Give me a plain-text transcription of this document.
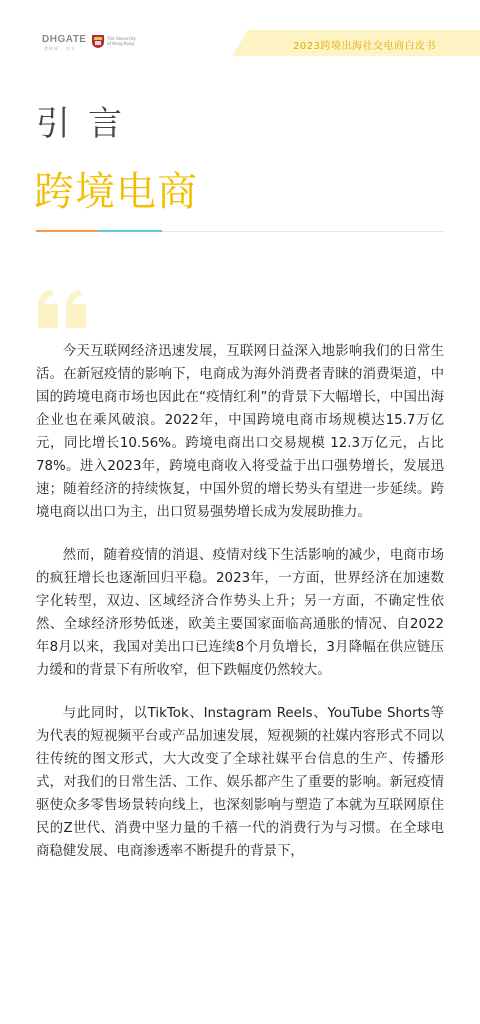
DHGATE
敦煌网 · 官方
The University of Hong Kong	2023跨境出海社交电商白皮书
引言
跨境电商

今天互联网经济迅速发展，互联网日益深入地影响我们的日常生活。在新冠疫情的影响下，电商成为海外消费者青睐的消费渠道，中国的跨境电商市场也因此在“疫情红利”的背景下大幅增长，中国出海企业也在乘风破浪。2022年，中国跨境电商市场规模达15.7万亿元，同比增长10.56%。跨境电商出口交易规模 12.3万亿元，占比78%。进入2023年，跨境电商收入将受益于出口强势增长，发展迅速；随着经济的持续恢复，中国外贸的增长势头有望进一步延续。跨境电商以出口为主，出口贸易强势增长成为发展助推力。

然而，随着疫情的消退、疫情对线下生活影响的减少，电商市场的疯狂增长也逐渐回归平稳。2023年，一方面，世界经济在加速数字化转型，双边、区域经济合作势头上升；另一方面，不确定性依然、全球经济形势低迷，欧美主要国家面临高通胀的情况、自2022年8月以来，我国对美出口已连续8个月负增长，3月降幅在供应链压力缓和的背景下有所收窄，但下跌幅度仍然较大。

与此同时，以TikTok、Instagram Reels、YouTube Shorts等为代表的短视频平台或产品加速发展，短视频的社媒内容形式不同以往传统的图文形式，大大改变了全球社媒平台信息的生产、传播形式，对我们的日常生活、工作、娱乐都产生了重要的影响。新冠疫情驱使众多零售场景转向线上，也深刻影响与塑造了本就为互联网原住民的Z世代、消费中坚力量的千禧一代的消费行为与习惯。在全球电商稳健发展、电商渗透率不断提升的背景下，
